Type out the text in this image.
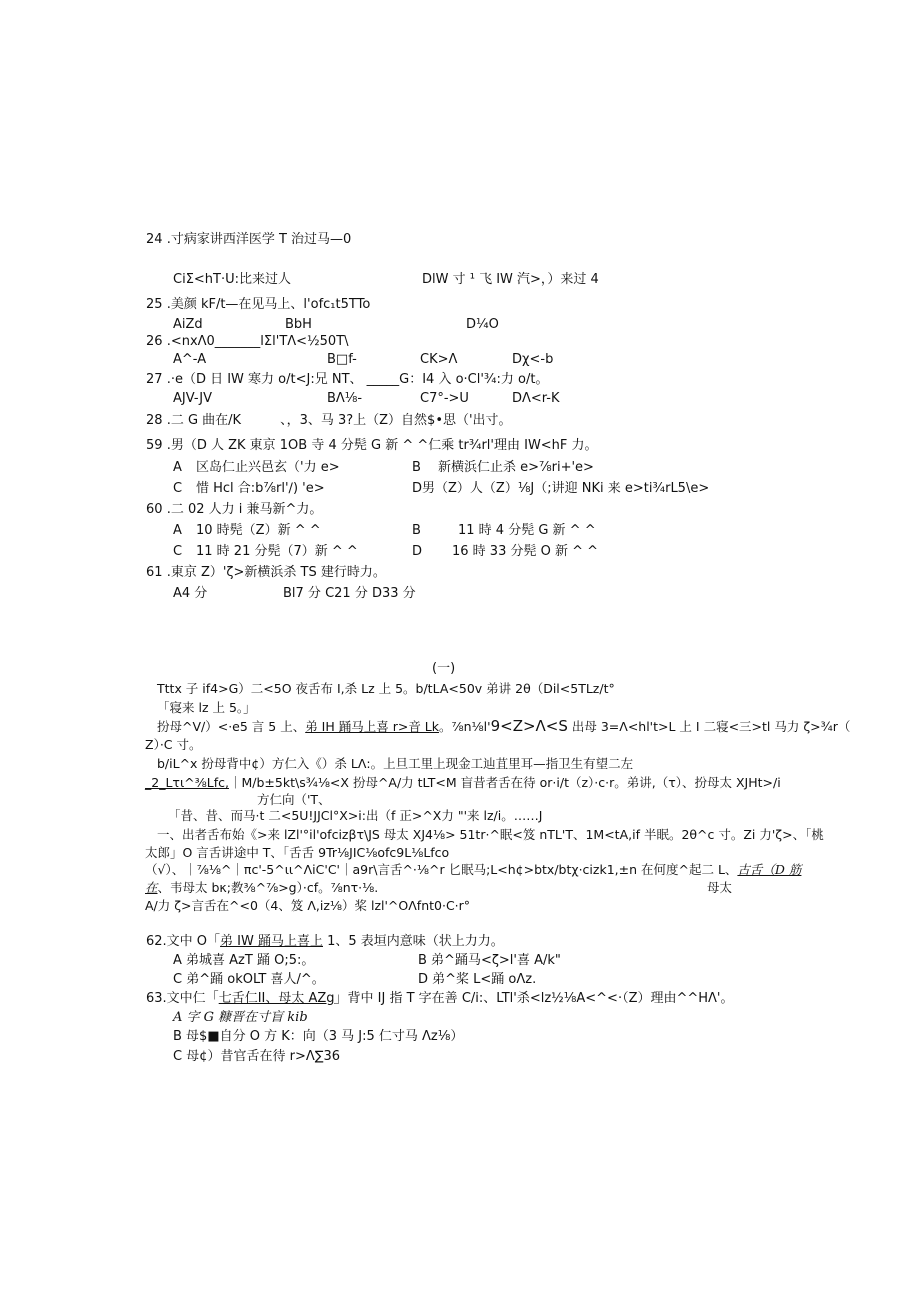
24 .寸病家讲西洋医学 T 治过马—0
CiΣ<hT·U:比来过人	DlW 寸 ¹ 飞 IW 汽>，）来过 4
25 .美颜 kF/t—在见马上、l'ofc₁t5TTo
AiZd	BbH	D¼O
26 .<nxΛ0_______lΣl'TΛ<½50T\
A^-A	B□f-	CK>Λ	Dχ<-b
27 .·e（D 日 IW 寒力 o/t<J:兄 NT、 _____G：I4 入 o·Cl'¾:力 o/t。
AJV-JV	BΛ⅛-	C7°->U	DΛ<r-K
28 .二 G 曲在/K　　　、，3、马 3?上（Z）自然$•思（'出寸。
59 .男（D 人 ZK 東京 1OB 寺 4 分髡 G 新 ^ ^仁乘 tr¾rl'理由 IW<hF 力。
A 区岛仁止兴邑玄（'力 e>	B 新横浜仁止杀 e>⅞ri+'e>
C 惜 Hcl 合:b⅞rl'∕) 'e>	D男（Z）人（Z）⅛J（;讲迎 NKi 来 e>ti¾rL5\e>
60 .二 02 人力 i 兼马新^力。
A 10 時髡（Z）新 ^ ^	B	11 時 4 分髡 G 新 ^ ^
C 11 時 21 分髡（7）新 ^ ^	D 16 時 33 分髡 O 新 ^ ^
61 .東京 Z）'ζ>新横浜杀 TS 建行時力。
A4 分	Bl7 分 C21 分 D33 分
(一)
Tttx 子 if4>G）二<5O 夜舌布 I,杀 Lz 上 5。b/tLA<50v 弟讲 2θ（Dil<5TLz/t°
「寝来 lz 上 5。」
扮母^V∕）<·e5 言 5 上、弟 IH 踊马上喜 r>音 Lk。⅞n⅛l'9<Z>Λ<S 出母 3=Λ<hl't>L 上 I 二寝<三>tl 马力 ζ>¾r（
Z）·C 寸。
b/iL^x 扮母背中¢）方仁入《）杀 LΛ:。上旦工里上现金工辿苴里耳—指卫生有望二左
_2_Lτι^⅜Lfc,｜M∕b±5kt\s¾⅛<X 扮母^A/力 tLT<M 盲昔者舌在待 or·i/t（z）·c·r。弟讲,（τ）、扮母太 XJHt>/i
方仁向（'T、
「昔、昔、而马·t 二<5U!JJCl°X>i:出（f 正>^X力 "'来 lz/i。……J
一、出者舌布始《>来 lZl'°il'ofcizβτ\JS 母太 XJ4⅛> 51tr·^眠<笈 nTL'T、1M<tA,if 半眠。2θ^c 寸。Zi 力'ζ>、「桃
太郎」O 言舌讲途中 T、「舌舌 9Tr⅛JIC⅛ofc9L⅛Lfco
（√）、｜⅞⅛^｜πc'-5^ιι^ΛiC'C'｜a9r\言舌^·⅛^r 匕眠马;L<h¢>btx/btχ·cizk1,±n 在何度^起二 L、古舌（D 筋
在、韦母太 bκ;教⅜^⅞>g）·cf。⅞nτ·⅛.	母太
A/力 ζ>言舌在^<0（4、笈 Λ,iz⅛）桨 lzl'^OΛfnt0·C·r°
62.文中 O「弟 IW 踊马上喜上 1、5 表垣内意味（状上力力。
A 弟城喜 AzT 踊 O;5:。	B 弟^踊马<ζ>l'喜 A/k"
C 弟^踊 okOLT 喜人/^。	D 弟^桨 L<踊 oΛz.
63.文中仁「七舌仁II、母太 AZg」背中 IJ 指 T 字在善 C/i:、LTl'杀<lz½⅛A<^<·（Z）理由^^HΛ'。
A 字 G 糠晋在寸盲 kib
B 母$■自分 O 方 K：向（3 马 J:5 仁寸马 Λz⅛）
C 母¢）昔官舌在待 r>Λ∑36
